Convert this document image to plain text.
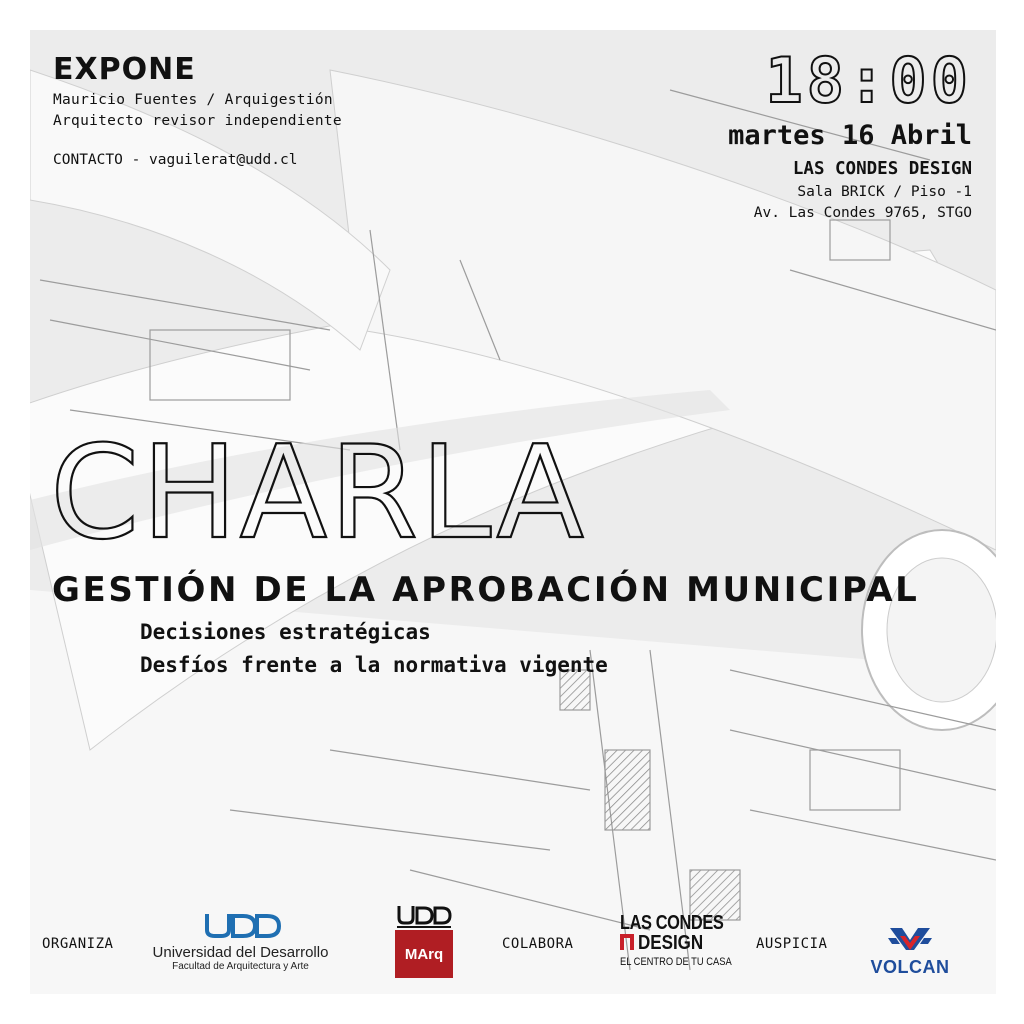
EXPONE
Mauricio Fuentes / Arquigestión
Arquitecto revisor independiente
CONTACTO - vaguilerat@udd.cl
18:00
martes 16 Abril
LAS CONDES DESIGN
Sala BRICK / Piso -1
Av. Las Condes 9765, STGO
CHARLA
GESTIÓN DE LA APROBACIÓN MUNICIPAL
Decisiones estratégicas
Desfíos frente a la normativa vigente
ORGANIZA	COLABORA	AUSPICIA
Universidad del Desarrollo
Facultad de Arquitectura y Arte
MArq
LAS CONDES
DESIGN
EL CENTRO DE TU CASA	VOLCAN
